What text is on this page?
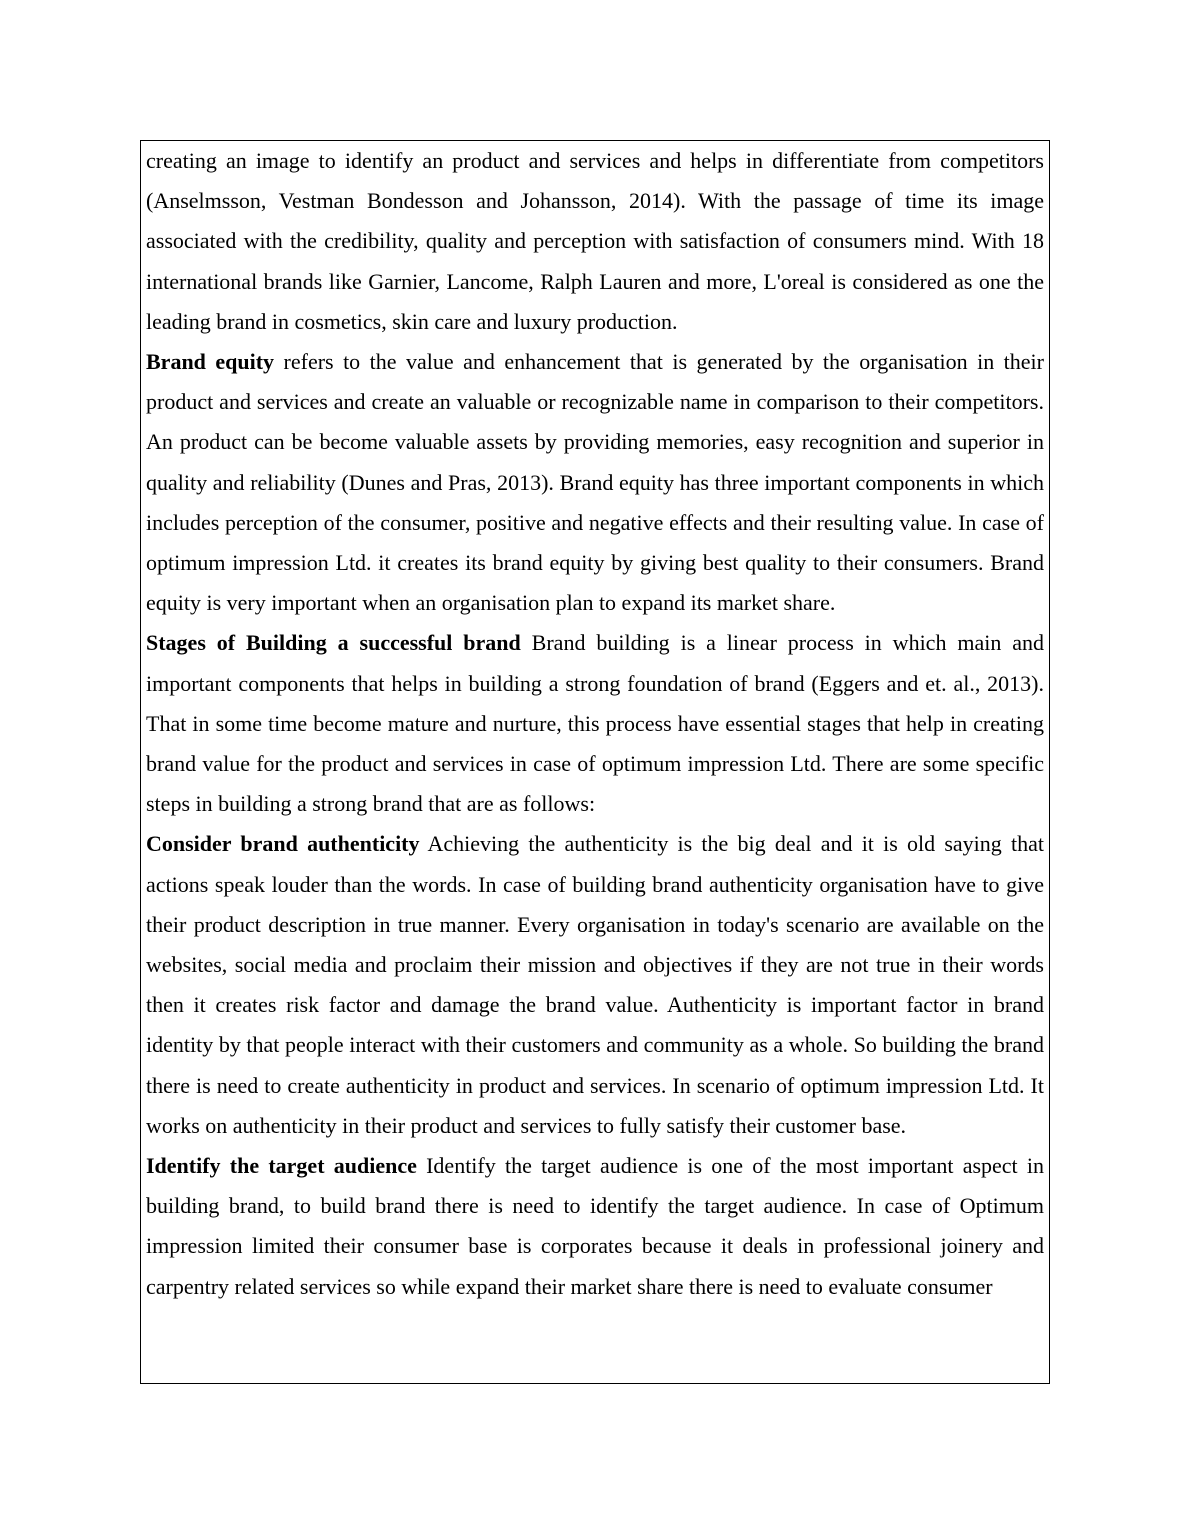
creating an image to identify an product and services and helps in differentiate from competitors (Anselmsson, Vestman Bondesson and Johansson, 2014). With the passage of time its image associated with the credibility, quality and perception with satisfaction of consumers mind. With 18 international brands like Garnier, Lancome, Ralph Lauren and more, L'oreal is considered as one the leading brand in cosmetics, skin care and luxury production.

Brand equity refers to the value and enhancement that is generated by the organisation in their product and services and create an valuable or recognizable name in comparison to their competitors. An product can be become valuable assets by providing memories, easy recognition and superior in quality and reliability (Dunes and Pras, 2013). Brand equity has three important components in which includes perception of the consumer, positive and negative effects and their resulting value. In case of optimum impression Ltd. it creates its brand equity by giving best quality to their consumers. Brand equity is very important when an organisation plan to expand its market share.

Stages of Building a successful brand Brand building is a linear process in which main and important components that helps in building a strong foundation of brand (Eggers and et. al., 2013). That in some time become mature and nurture, this process have essential stages that help in creating brand value for the product and services in case of optimum impression Ltd. There are some specific steps in building a strong brand that are as follows:

Consider brand authenticity Achieving the authenticity is the big deal and it is old saying that actions speak louder than the words. In case of building brand authenticity organisation have to give their product description in true manner. Every organisation in today's scenario are available on the websites, social media and proclaim their mission and objectives if they are not true in their words then it creates risk factor and damage the brand value. Authenticity is important factor in brand identity by that people interact with their customers and community as a whole. So building the brand there is need to create authenticity in product and services. In scenario of optimum impression Ltd. It works on authenticity in their product and services to fully satisfy their customer base.

Identify the target audience Identify the target audience is one of the most important aspect in building brand, to build brand there is need to identify the target audience. In case of Optimum impression limited their consumer base is corporates because it deals in professional joinery and carpentry related services so while expand their market share there is need to evaluate consumer
